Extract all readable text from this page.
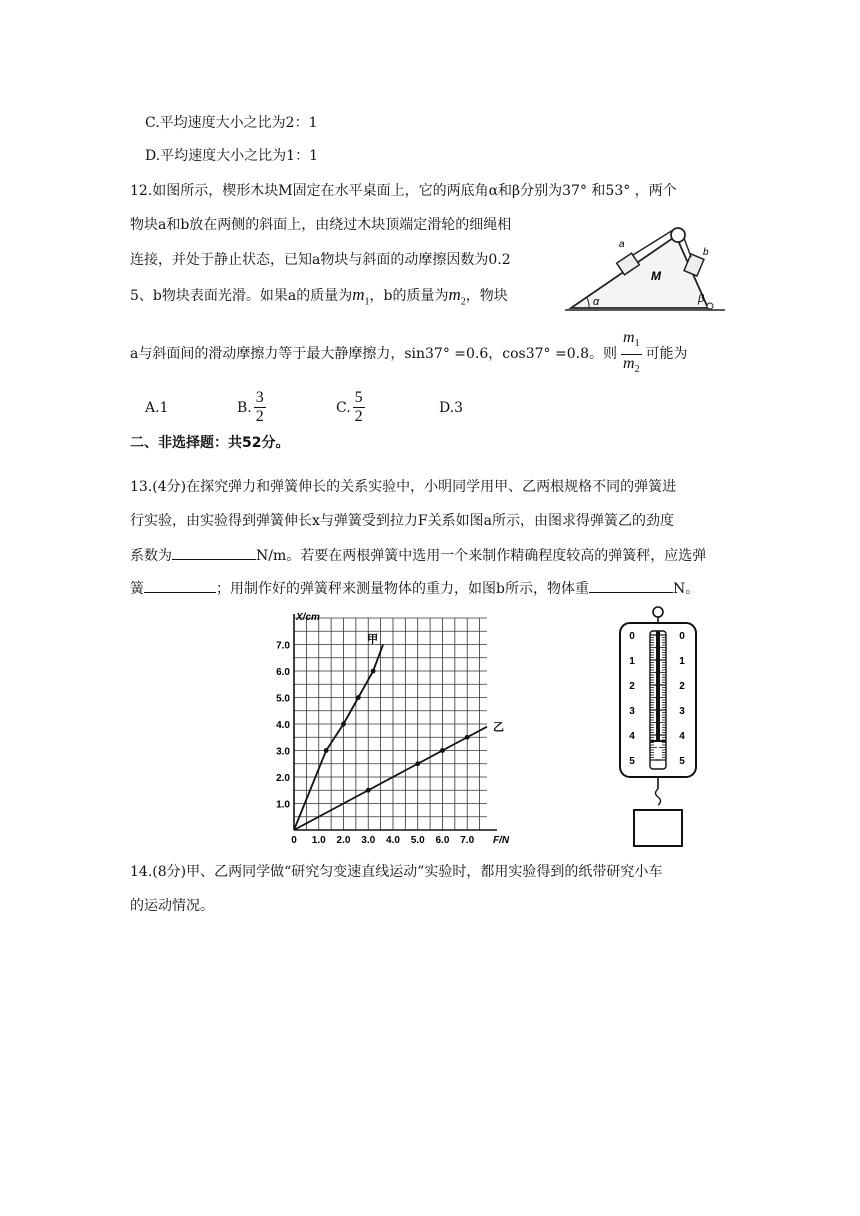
C.平均速度大小之比为2：1
D.平均速度大小之比为1：1
12.如图所示，楔形木块M固定在水平桌面上，它的两底角α和β分别为37° 和53° ，两个
物块a和b放在两侧的斜面上，由绕过木块顶端定滑轮的细绳相
连接，并处于静止状态，已知a物块与斜面的动摩擦因数为0.2
5、b物块表面光滑。如果a的质量为$m_1$，b的质量为$m_2$，物块
a与斜面间的滑动摩擦力等于最大静摩擦力，sin37° =0.6，cos37° =0.8。则 $\frac{m_1}{m_2}$ 可能为
A.1	B. $\frac{3}{2}$	C. $\frac{5}{2}$	D.3
α	β
M
a
b
二、非选择题：共52分。
13.(4分)在探究弹力和弹簧伸长的关系实验中，小明同学用甲、乙两根规格不同的弹簧进
行实验，由实验得到弹簧伸长x与弹簧受到拉力F关系如图a所示，由图求得弹簧乙的劲度
系数为	N/m。若要在两根弹簧中选用一个来制作精确程度较高的弹簧秤，应选弹
簧	；用制作好的弹簧秤来测量物体的重力，如图b所示，物体重	N。
0 1.0 2.0 3.0 4.0 5.0 6.0 7.0
1.0
2.0
3.0
4.0
5.0
6.0
7.0
F/N
X/cm
甲
乙
0
1
2
3
4
5
0
1
2
3
4
5
14.(8分)甲、乙两同学做“研究匀变速直线运动”实验时，都用实验得到的纸带研究小车
的运动情况。
